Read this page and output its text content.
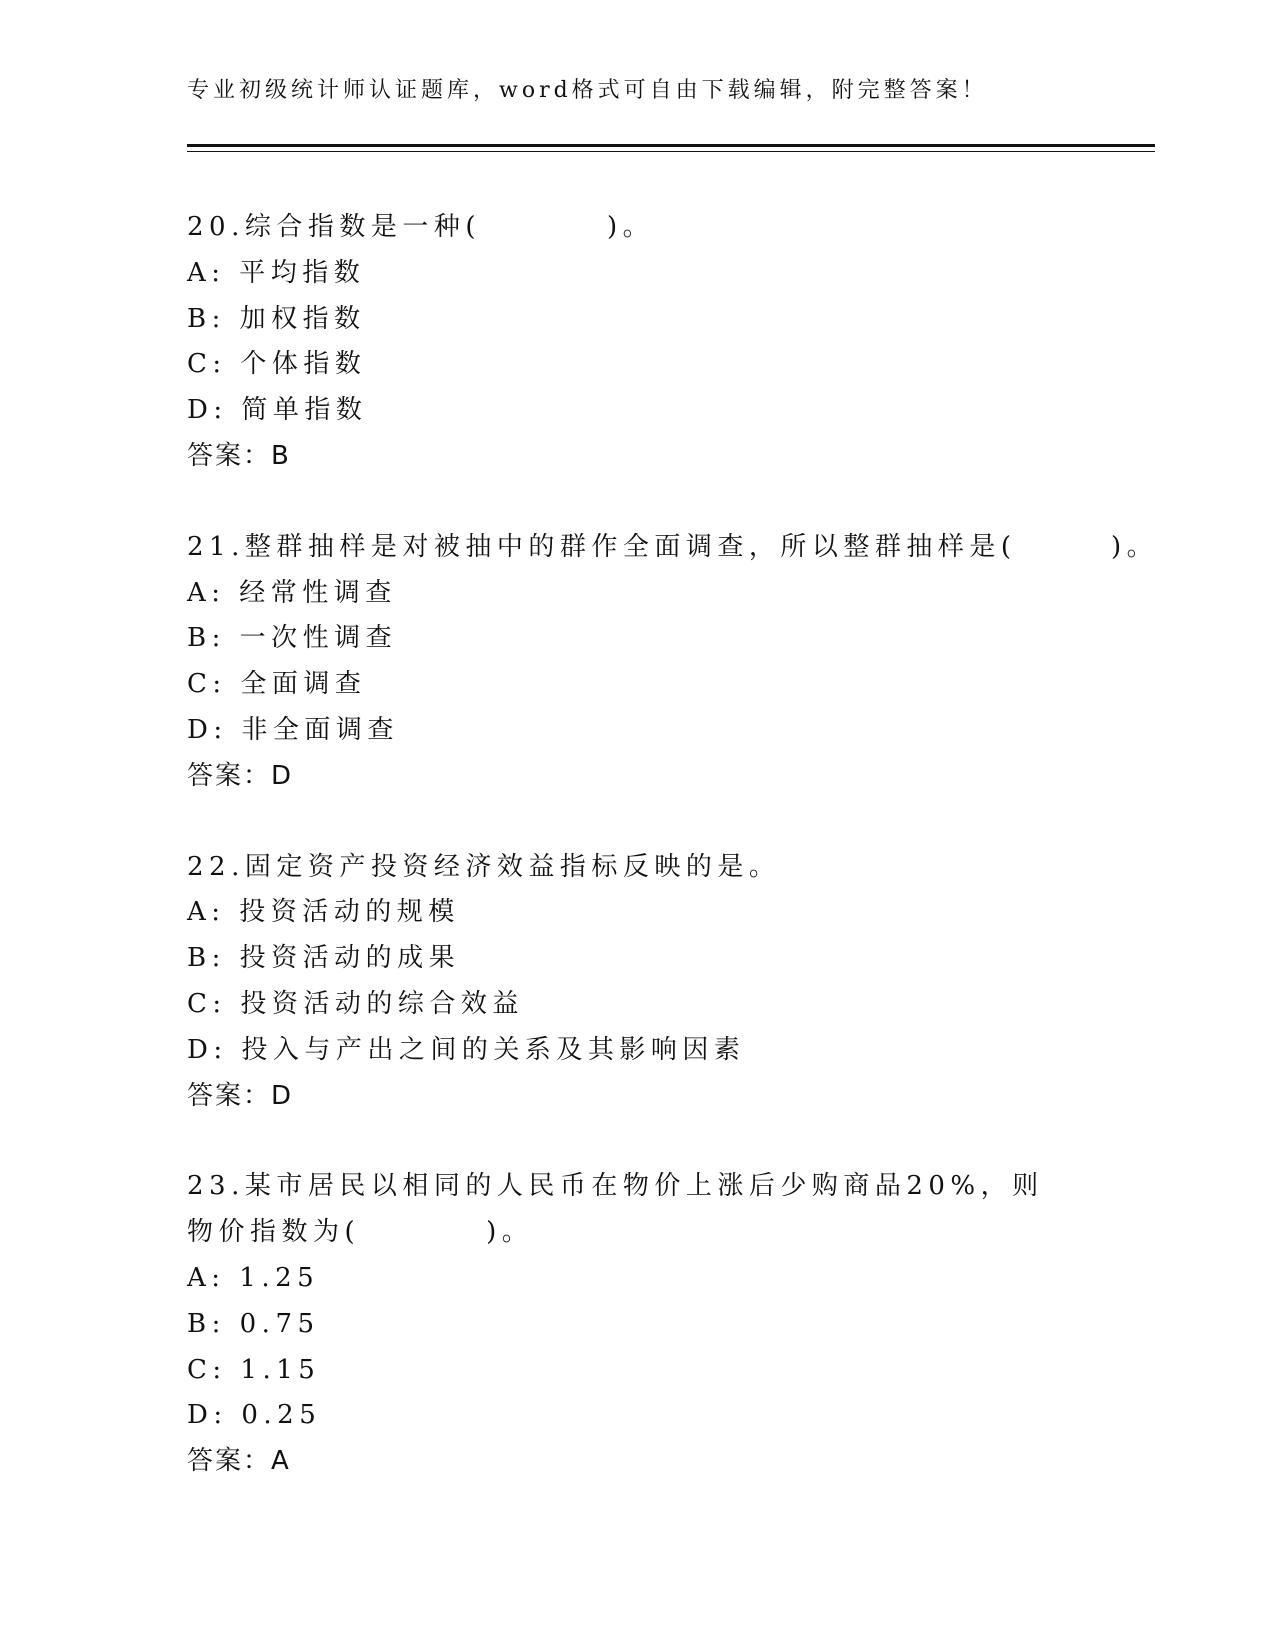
专业初级统计师认证题库，word格式可自由下载编辑，附完整答案！
20.综合指数是一种(　　　　)。
A: 平均指数
B: 加权指数
C: 个体指数
D: 简单指数
答案：B
21.整群抽样是对被抽中的群作全面调查，所以整群抽样是(　　　)。
A: 经常性调查
B: 一次性调查
C: 全面调查
D: 非全面调查
答案：D
22.固定资产投资经济效益指标反映的是。
A: 投资活动的规模
B: 投资活动的成果
C: 投资活动的综合效益
D: 投入与产出之间的关系及其影响因素
答案：D
23.某市居民以相同的人民币在物价上涨后少购商品20%，则物价指数为(　　　　)。
A: 1.25
B: 0.75
C: 1.15
D: 0.25
答案：A
